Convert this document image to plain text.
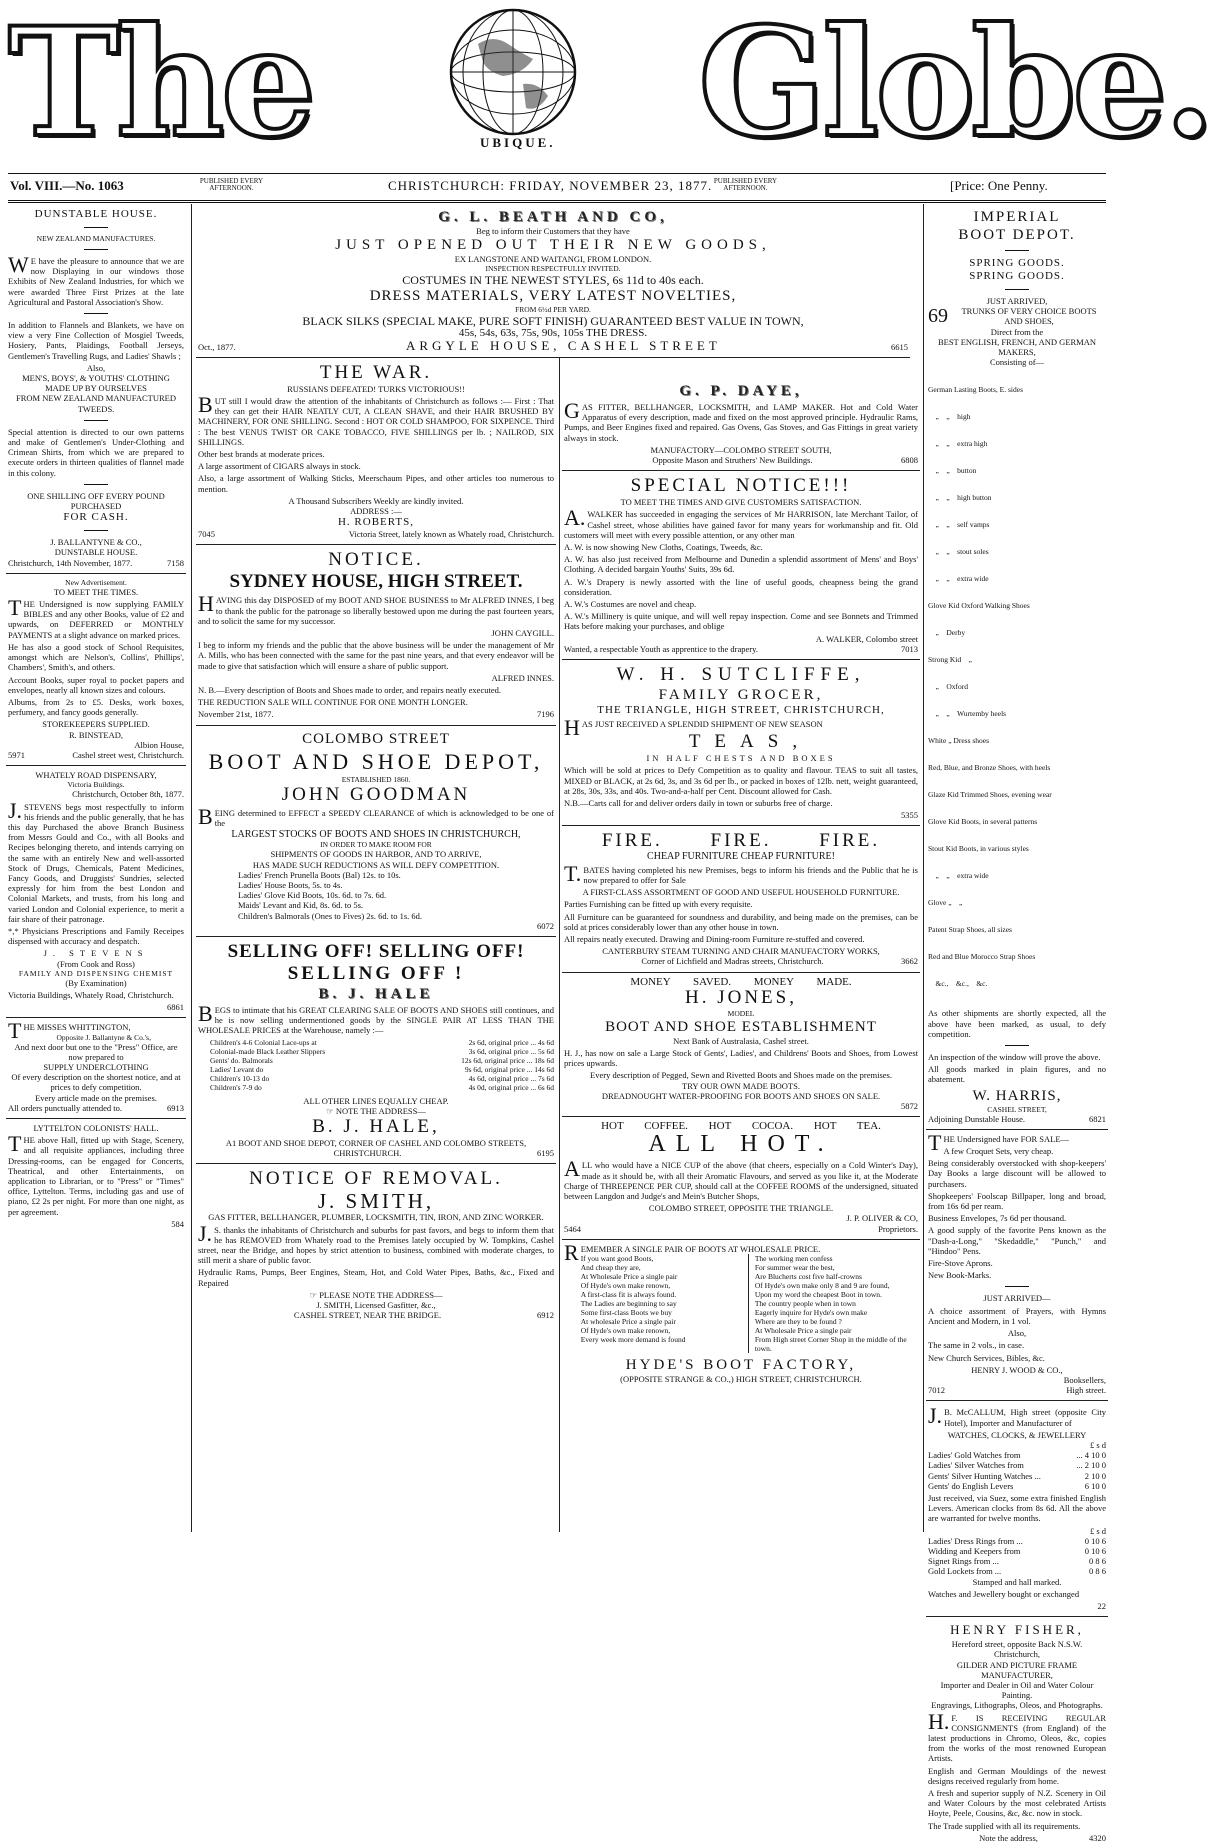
The	UBIQUE. Globe.
Vol. VIII.—No. 1063	PUBLISHED EVERY AFTERNOON.	CHRISTCHURCH: FRIDAY, NOVEMBER 23, 1877. PUBLISHED EVERY AFTERNOON.	[Price: One Penny.
DUNSTABLE HOUSE.
NEW ZEALAND MANUFACTURES.
WE have the pleasure to announce that we are now Displaying in our windows those Exhibits of New Zealand Industries, for which we were awarded Three First Prizes at the late Agricultural and Pastoral Association's Show.
In addition to Flannels and Blankets, we have on view a very Fine Collection of Mosgiel Tweeds, Hosiery, Pants, Plaidings, Football Jerseys, Gentlemen's Travelling Rugs, and Ladies' Shawls ;
Also,
MEN'S, BOYS', & YOUTHS' CLOTHING
MADE UP BY OURSELVES
FROM NEW ZEALAND MANUFACTURED TWEEDS.
Special attention is directed to our own patterns and make of Gentlemen's Under-Clothing and Crimean Shirts, from which we are prepared to execute orders in thirteen qualities of flannel made in this colony.
ONE SHILLING OFF EVERY POUND
PURCHASED
FOR CASH.
J. BALLANTYNE & CO.,
DUNSTABLE HOUSE.
Christchurch, 14th November, 1877.	7158
New Advertisement.
TO MEET THE TIMES.
THE Undersigned is now supplying FAMILY BIBLES and any other Books, value of £2 and upwards, on DEFERRED or MONTHLY PAYMENTS at a slight advance on marked prices.
He has also a good stock of School Requisites, amongst which are Nelson's, Collins', Phillips', Chambers', Smith's, and others.
Account Books, super royal to pocket papers and envelopes, nearly all known sizes and colours.
Albums, from 2s to £5. Desks, work boxes, perfumery, and fancy goods generally.
STOREKEEPERS SUPPLIED.
R. BINSTEAD,
Albion House,
5971	Cashel street west, Christchurch.
WHATELY ROAD DISPENSARY,
Victoria Buildings.
Christchurch, October 8th, 1877.
J.STEVENS begs most respectfully to inform his friends and the public generally, that he has this day Purchased the above Branch Business from Messrs Gould and Co., with all Books and Recipes belonging thereto, and intends carrying on the same with an entirely New and well-assorted Stock of Drugs, Chemicals, Patent Medicines, Fancy Goods, and Druggists' Sundries, selected expressly for him from the best London and Colonial Markets, and trusts, from his long and varied London and Colonial experience, to merit a fair share of their patronage.
*,* Physicians Prescriptions and Family Receipes dispensed with accuracy and despatch.
J. STEVENS
(From Cook and Ross)
FAMILY AND DISPENSING CHEMIST
(By Examination)
Victoria Buildings, Whately Road, Christchurch.
6861
THE MISSES WHITTINGTON,
Opposite J. Ballantyne & Co.'s,
And next door but one to the "Press" Office, are now prepared to
SUPPLY UNDERCLOTHING
Of every description on the shortest notice, and at prices to defy competition.
Every article made on the premises.
All orders punctually attended to.	6913
LYTTELTON COLONISTS' HALL.
THE above Hall, fitted up with Stage, Scenery, and all requisite appliances, including three Dressing-rooms, can be engaged for Concerts, Theatrical, and other Entertainments, on application to Librarian, or to "Press" or "Times" office, Lyttelton. Terms, including gas and use of piano, £2 2s per night. For more than one night, as per agreement.
584
G. L. BEATH AND CO,
Beg to inform their Customers that they have
JUST OPENED OUT THEIR NEW GOODS,
EX LANGSTONE AND WAITANGI, FROM LONDON.
INSPECTION RESPECTFULLY INVITED.
COSTUMES IN THE NEWEST STYLES, 6s 11d to 40s each.
DRESS MATERIALS, VERY LATEST NOVELTIES,
FROM 6½d PER YARD.
BLACK SILKS (SPECIAL MAKE, PURE SOFT FINISH) GUARANTEED BEST VALUE IN TOWN,
45s, 54s, 63s, 75s, 90s, 105s THE DRESS.
Oct., 1877.	ARGYLE HOUSE, CASHEL STREET	6615
THE WAR.
RUSSIANS DEFEATED! TURKS VICTORIOUS!!
BUT still I would draw the attention of the inhabitants of Christchurch as follows :— First : That they can get their HAIR NEATLY CUT, A CLEAN SHAVE, and their HAIR BRUSHED BY MACHINERY, FOR ONE SHILLING. Second : HOT OR COLD SHAMPOO, FOR SIXPENCE. Third : The best VENUS TWIST OR CAKE TOBACCO, FIVE SHILLINGS per lb. ; NAILROD, SIX SHILLINGS.
Other best brands at moderate prices.
A large assortment of CIGARS always in stock.
Also, a large assortment of Walking Sticks, Meerschaum Pipes, and other articles too numerous to mention.
A Thousand Subscribers Weekly are kindly invited.
ADDRESS :—
H. ROBERTS,
7045	Victoria Street, lately known as Whately road, Christchurch.
NOTICE.
SYDNEY HOUSE, HIGH STREET.
HAVING this day DISPOSED of my BOOT AND SHOE BUSINESS to Mr ALFRED INNES, I beg to thank the public for the patronage so liberally bestowed upon me during the past fourteen years, and to solicit the same for my successor.
JOHN CAYGILL.
I beg to inform my friends and the public that the above business will be under the management of Mr A. Mills, who has been connected with the same for the past nine years, and that every endeavor will be made to give that satisfaction which will ensure a share of public support.
ALFRED INNES.
N. B.—Every description of Boots and Shoes made to order, and repairs neatly executed.
THE REDUCTION SALE WILL CONTINUE FOR ONE MONTH LONGER.
November 21st, 1877.	7196
COLOMBO STREET
BOOT AND SHOE DEPOT,
ESTABLISHED 1860.
JOHN GOODMAN
BEING determined to EFFECT a SPEEDY CLEARANCE of which is acknowledged to be one of the
LARGEST STOCKS OF BOOTS AND SHOES IN CHRISTCHURCH,
IN ORDER TO MAKE ROOM FOR
SHIPMENTS OF GOODS IN HARBOR, AND TO ARRIVE,
HAS MADE SUCH REDUCTIONS AS WILL DEFY COMPETITION.
Ladies' French Prunella Boots (Bal) 12s. to 10s.
Ladies' House Boots, 5s. to 4s.
Ladies' Glove Kid Boots, 10s. 6d. to 7s. 6d.
Maids' Levant and Kid, 8s. 6d. to 5s.
Children's Balmorals (Ones to Fives) 2s. 6d. to 1s. 6d.
6072
SELLING OFF! SELLING OFF!
SELLING OFF !
B. J. HALE
BEGS to intimate that his GREAT CLEARING SALE OF BOOTS AND SHOES still continues, and he is now selling undermentioned goods by the SINGLE PAIR AT LESS THAN THE WHOLESALE PRICES at the Warehouse, namely :—
Children's 4-6 Colonial Lace-ups at	2s 6d, original price ... 4s 6d
Colonial-made Black Leather Slippers	3s 6d, original price ... 5s 6d
Gents' do. Balmorals	12s 6d, original price ... 18s 6d
Ladies' Levant do	9s 6d, original price ... 14s 6d
Children's 10-13 do	4s 6d, original price ... 7s 6d
Children's 7-9 do	4s 0d, original price ... 6s 6d
ALL OTHER LINES EQUALLY CHEAP.
☞ NOTE THE ADDRESS—
B. J. HALE,
A1 BOOT AND SHOE DEPOT, CORNER OF CASHEL AND COLOMBO STREETS,
CHRISTCHURCH.	6195
NOTICE OF REMOVAL.
J. SMITH,
GAS FITTER, BELLHANGER, PLUMBER, LOCKSMITH, TIN, IRON, AND ZINC WORKER.
J.S. thanks the inhabitants of Christchurch and suburbs for past favors, and begs to inform them that he has REMOVED from Whately road to the Premises lately occupied by W. Tompkins, Cashel street, near the Bridge, and hopes by strict attention to business, combined with moderate charges, to still merit a share of public favor.
Hydraulic Rams, Pumps, Beer Engines, Steam, Hot, and Cold Water Pipes, Baths, &c., Fixed and Repaired
☞ PLEASE NOTE THE ADDRESS—
J. SMITH, Licensed Gasfitter, &c.,
CASHEL STREET, NEAR THE BRIDGE.	6912
G. P. DAYE,
GAS FITTER, BELLHANGER, LOCKSMITH, and LAMP MAKER. Hot and Cold Water Apparatus of every description, made and fixed on the most approved principle. Hydraulic Rams, Pumps, and Beer Engines fixed and repaired. Gas Ovens, Gas Stoves, and Gas Fittings in great variety always in stock.
MANUFACTORY—COLOMBO STREET SOUTH,
Opposite Mason and Struthers' New Buildings.	6808
SPECIAL NOTICE!!!
TO MEET THE TIMES AND GIVE CUSTOMERS SATISFACTION.
A.WALKER has succeeded in engaging the services of Mr HARRISON, late Merchant Tailor, of Cashel street, whose abilities have gained favor for many years for workmanship and fit. Old customers will meet with every possible attention, or any other man
A. W. is now showing New Cloths, Coatings, Tweeds, &c.
A. W. has also just received from Melbourne and Dunedin a splendid assortment of Mens' and Boys' Clothing. A decided bargain Youths' Suits, 39s 6d.
A. W.'s Drapery is newly assorted with the line of useful goods, cheapness being the grand consideration.
A. W.'s Costumes are novel and cheap.
A. W.'s Millinery is quite unique, and will well repay inspection. Come and see Bonnets and Trimmed Hats before making your purchases, and oblige
A. WALKER, Colombo street
Wanted, a respectable Youth as apprentice to the drapery.	7013
W. H. SUTCLIFFE,
FAMILY GROCER,
THE TRIANGLE, HIGH STREET, CHRISTCHURCH,
HAS JUST RECEIVED A SPLENDID SHIPMENT OF NEW SEASON
TEAS,
IN HALF CHESTS AND BOXES
Which will be sold at prices to Defy Competition as to quality and flavour. TEAS to suit all tastes, MIXED or BLACK, at 2s 6d, 3s, and 3s 6d per lb., or packed in boxes of 12lb. nett, weight guaranteed, at 28s, 30s, 33s, and 40s. Two-and-a-half per Cent. Discount allowed for Cash.
N.B.—Carts call for and deliver orders daily in town or suburbs free of charge.
5355
FIRE. FIRE. FIRE.
CHEAP FURNITURE CHEAP FURNITURE!
T.BATES having completed his new Premises, begs to inform his friends and the Public that he is now prepared to offer for Sale
A FIRST-CLASS ASSORTMENT OF GOOD AND USEFUL HOUSEHOLD FURNITURE.
Parties Furnishing can be fitted up with every requisite.
All Furniture can be guaranteed for soundness and durability, and being made on the premises, can be sold at prices considerably lower than any other house in town.
All repairs neatly executed. Drawing and Dining-room Furniture re-stuffed and covered.
CANTERBURY STEAM TURNING AND CHAIR MANUFACTORY WORKS,
Corner of Lichfield and Madras streets, Christchurch.	3662
MONEY SAVED. MONEY MADE.
H. JONES,
MODEL
BOOT AND SHOE ESTABLISHMENT
Next Bank of Australasia, Cashel street.
H. J., has now on sale a Large Stock of Gents', Ladies', and Childrens' Boots and Shoes, from Lowest prices upwards.
Every description of Pegged, Sewn and Rivetted Boots and Shoes made on the premises.
TRY OUR OWN MADE BOOTS.
DREADNOUGHT WATER-PROOFING FOR BOOTS AND SHOES ON SALE.
5872
HOT COFFEE. HOT COCOA. HOT TEA.
ALL HOT.
ALL who would have a NICE CUP of the above (that cheers, especially on a Cold Winter's Day), made as it should be, with all their Aromatic Flavours, and served as you like it, at the Moderate Charge of THREEPENCE PER CUP, should call at the COFFEE ROOMS of the undersigned, situated between Langdon and Judge's and Mein's Butcher Shops,
COLOMBO STREET, OPPOSITE THE TRIANGLE.
J. P. OLIVER & CO,
5464	Proprietors.
REMEMBER A SINGLE PAIR OF BOOTS AT WHOLESALE PRICE.
If you want good Boots,
And cheap they are,
At Wholesale Price a single pair
Of Hyde's own make renown,
A first-class fit is always found.
The Ladies are beginning to say
Some first-class Boots we buy
At wholesale Price a single pair
Of Hyde's own make renown,
Every week more demand is found
The working men confess
For summer wear the best,
Are Blucherts cost five half-crowns
Of Hyde's own make only 8 and 9 are found,
Upon my word the cheapest Boot in town.
The country people when in town
Eagerly inquire for Hyde's own make
Where are they to be found ?
At Wholesale Price a single pair
From High street Corner Shop in the middle of the town.
HYDE'S BOOT FACTORY,
(OPPOSITE STRANGE & CO.,) HIGH STREET, CHRISTCHURCH.
IMPERIAL
BOOT DEPOT.
SPRING GOODS.
SPRING GOODS.
JUST ARRIVED,
69	TRUNKS OF VERY CHOICE BOOTS AND SHOES,
Direct from the
BEST ENGLISH, FRENCH, AND GERMAN MAKERS,
Consisting of—

German Lasting Boots, E. sides

„    „    high

„    „    extra high

„    „    button

„    „    high button

„    „    self vamps

„    „    stout soles

„    „    extra wide

Glove Kid Oxford Walking Shoes

„    Derby

Strong Kid    „

„    Oxford

„    „    Wurtemby heels

White „ Dress shoes

Red, Blue, and Bronze Shoes, with heels

Glaze Kid Trimmed Shoes, evening wear

Glove Kid Boots, in several patterns

Stout Kid Boots, in various styles

„    „    extra wide

Glove „    „

Patent Strap Shoes, all sizes

Red and Blue Morocco Strap Shoes

&c.,    &c.,    &c.

As other shipments are shortly expected, all the above have been marked, as usual, to defy competition.
An inspection of the window will prove the above.
All goods marked in plain figures, and no abatement.
W. HARRIS,
CASHEL STREET,
Adjoining Dunstable House.	6821
THE Undersigned have FOR SALE—
A few Croquet Sets, very cheap.
Being considerably overstocked with shop-keepers' Day Books a large discount will be allowed to purchasers.
Shopkeepers' Foolscap Billpaper, long and broad, from 16s 6d per ream.
Business Envelopes, 7s 6d per thousand.
A good supply of the favorite Pens known as the "Dash-a-Long," "Skedaddle," "Punch," and "Hindoo" Pens.
Fire-Stove Aprons.
New Book-Marks.
JUST ARRIVED—
A choice assortment of Prayers, with Hymns Ancient and Modern, in 1 vol.
Also,
The same in 2 vols., in case.
New Church Services, Bibles, &c.
HENRY J. WOOD & CO.,
Booksellers,
7012	High street.
J.B. McCALLUM, High street (opposite City Hotel), Importer and Manufacturer of
WATCHES, CLOCKS, & JEWELLERY
£ s d
Ladies' Gold Watches from	... 4 10 0
Ladies' Silver Watches from	... 2 10 0
Gents' Silver Hunting Watches ...	2 10 0
Gents' do English Levers	6 10 0
Just received, via Suez, some extra finished English Levers. American clocks from 8s 6d. All the above are warranted for twelve months.
£ s d
Ladies' Dress Rings from ...	0 10 6
Widding and Keepers from	0 10 6
Signet Rings from ...	0 8 6
Gold Lockets from ...	0 8 6
Stamped and hall marked.
Watches and Jewellery bought or exchanged
22
HENRY FISHER,
Hereford street, opposite Back N.S.W. Christchurch,
GILDER AND PICTURE FRAME MANUFACTURER,
Importer and Dealer in Oil and Water Colour Painting.
Engravings, Lithographs, Oleos, and Photographs.
H.F. IS RECEIVING REGULAR CONSIGNMENTS (from England) of the latest productions in Chromo, Oleos, &c, copies from the works of the most renowned European Artists.
English and German Mouldings of the newest designs received regularly from home.
A fresh and superior supply of N.Z. Scenery in Oil and Water Colours by the most celebrated Artists Hoyte, Peele, Cousins, &c, &c. now in stock.
The Trade supplied with all its requirements.
Note the address,	4320
